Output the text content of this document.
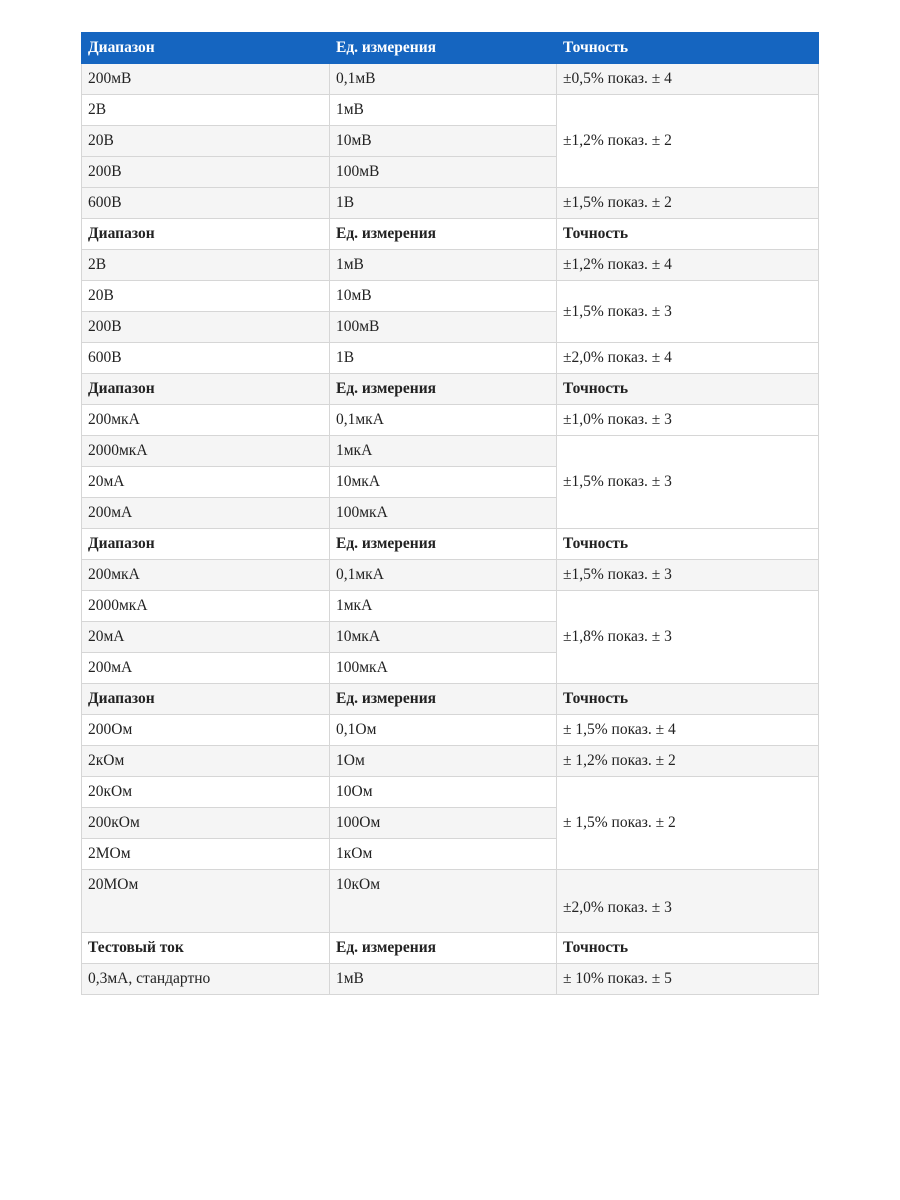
Диапазон	Ед. измерения	Точность
200мВ	0,1мВ	±0,5% показ. ± 4
2В	1мВ	±1,2% показ. ± 2
20В	10мВ	
200В	100мВ	
600В	1В	±1,5% показ. ± 2
Диапазон	Ед. измерения	Точность
2В	1мВ	±1,2% показ. ± 4
20В	10мВ	±1,5% показ. ± 3
200В	100мВ	
600В	1В	±2,0% показ. ± 4
Диапазон	Ед. измерения	Точность
200мкА	0,1мкА	±1,0% показ. ± 3
2000мкА	1мкА	±1,5% показ. ± 3
20мА	10мкА	
200мА	100мкА	
Диапазон	Ед. измерения	Точность
200мкА	0,1мкА	±1,5% показ. ± 3
2000мкА	1мкА	±1,8% показ. ± 3
20мА	10мкА	
200мА	100мкА	
Диапазон	Ед. измерения	Точность
200Ом	0,1Ом	± 1,5% показ. ± 4
2кОм	1Ом	± 1,2% показ. ± 2
20кОм	10Ом	± 1,5% показ. ± 2
200кОм	100Ом	
2МОм	1кОм	
20МОм	10кОм	±2,0% показ. ± 3
Тестовый ток	Ед. измерения	Точность
0,3мА, стандартно	1мВ	± 10% показ. ± 5
